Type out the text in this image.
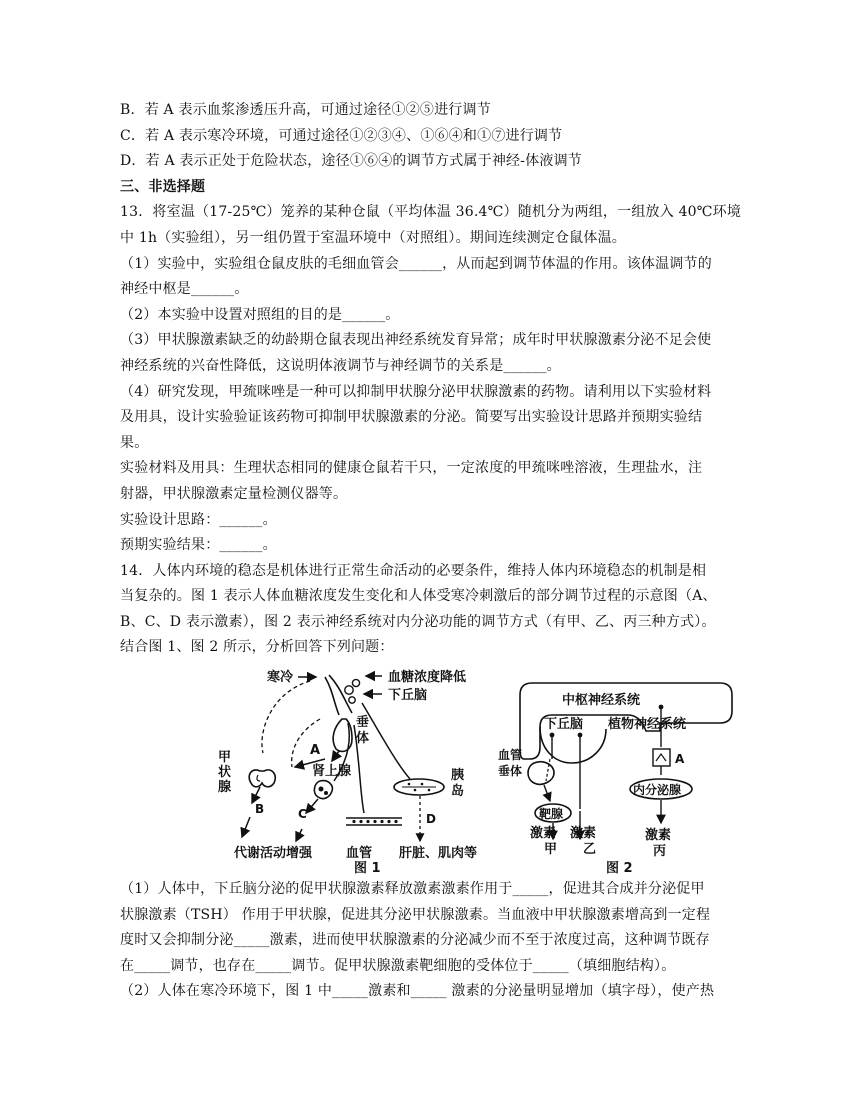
B．若 A 表示血浆渗透压升高，可通过途径①②⑤进行调节

C．若 A 表示寒冷环境，可通过途径①②③④、①⑥④和①⑦进行调节

D．若 A 表示正处于危险状态，途径①⑥④的调节方式属于神经-体液调节

三、非选择题

13．将室温（17-25℃）笼养的某种仓鼠（平均体温 36.4℃）随机分为两组，一组放入 40℃环境

中 1h（实验组），另一组仍置于室温环境中（对照组）。期间连续测定仓鼠体温。

（1）实验中，实验组仓鼠皮肤的毛细血管会______，从而起到调节体温的作用。该体温调节的

神经中枢是______。

（2）本实验中设置对照组的目的是______。

（3）甲状腺激素缺乏的幼龄期仓鼠表现出神经系统发育异常；成年时甲状腺激素分泌不足会使

神经系统的兴奋性降低，这说明体液调节与神经调节的关系是______。

（4）研究发现，甲巯咪唑是一种可以抑制甲状腺分泌甲状腺激素的药物。请利用以下实验材料

及用具，设计实验验证该药物可抑制甲状腺激素的分泌。简要写出实验设计思路并预期实验结

果。

实验材料及用具：生理状态相同的健康仓鼠若干只，一定浓度的甲巯咪唑溶液，生理盐水，注

射器，甲状腺激素定量检测仪器等。

实验设计思路：______。

预期实验结果：______。

14．人体内环境的稳态是机体进行正常生命活动的必要条件，维持人体内环境稳态的机制是相

当复杂的。图 1 表示人体血糖浓度发生变化和人体受寒冷刺激后的部分调节过程的示意图（A、

B、C、D 表示激素），图 2 表示神经系统对内分泌功能的调节方式（有甲、乙、丙三种方式）。

结合图 1、图 2 所示，分析回答下列问题：

寒冷	血糖浓度降低
下丘脑
垂
体
A
甲
状
腺
肾上腺	胰
岛
B	C	D
代谢活动增强	血管 肝脏、肌肉等
图 1
中枢神经系统
下丘脑 植物神经系统
血管
垂体
靶腺
A
内分泌腺
激素
甲
激素
乙
激素
丙
图 2

（1）人体中，下丘脑分泌的促甲状腺激素释放激素激素作用于_____，促进其合成并分泌促甲

状腺激素（TSH） 作用于甲状腺，促进其分泌甲状腺激素。当血液中甲状腺激素增高到一定程

度时又会抑制分泌_____激素，进而使甲状腺激素的分泌减少而不至于浓度过高，这种调节既存

在_____调节，也存在_____调节。促甲状腺激素靶细胞的受体位于_____（填细胞结构）。

（2）人体在寒冷环境下，图 1 中_____激素和_____ 激素的分泌量明显增加（填字母），使产热
